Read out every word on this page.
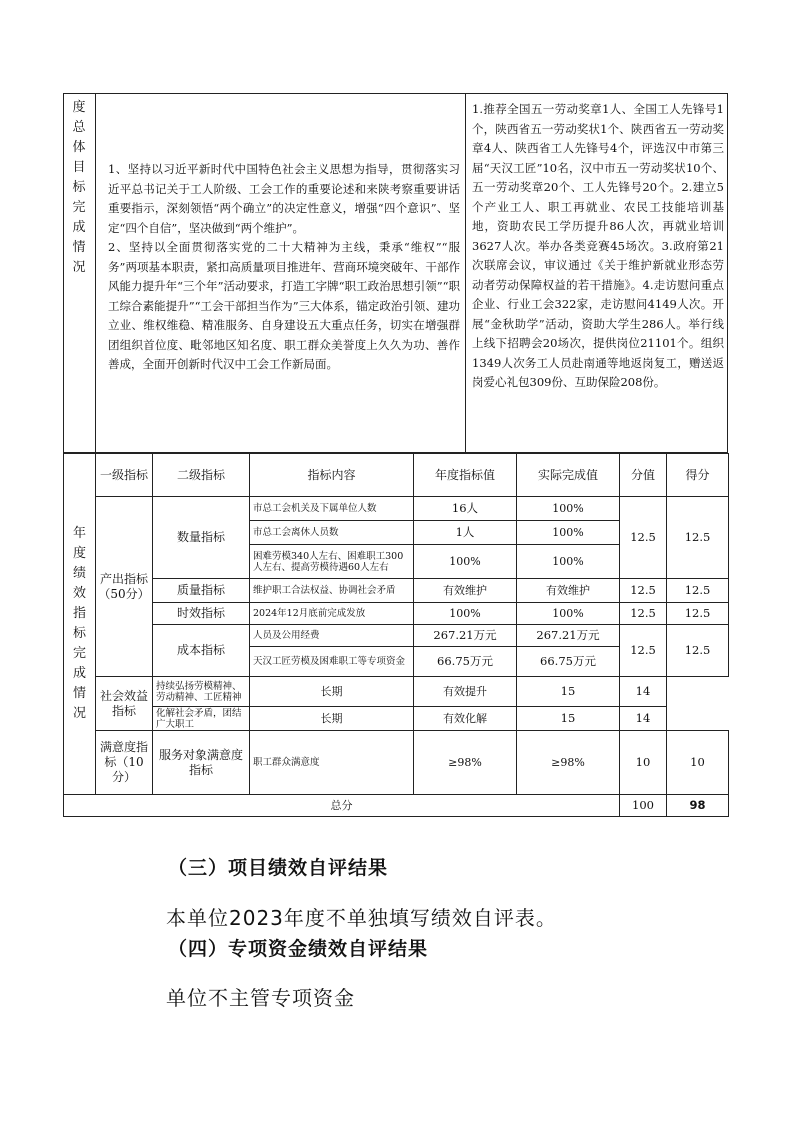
度总体目标完成情况

1、坚持以习近平新时代中国特色社会主义思想为指导，贯彻落实习近平总书记关于工人阶级、工会工作的重要论述和来陕考察重要讲话重要指示，深刻领悟“两个确立”的决定性意义，增强“四个意识”、坚定“四个自信”，坚决做到“两个维护”。

2、坚持以全面贯彻落实党的二十大精神为主线，秉承“维权”“服务”两项基本职责，紧扣高质量项目推进年、营商环境突破年、干部作风能力提升年“三个年”活动要求，打造工字牌“职工政治思想引领”“职工综合素能提升”“工会干部担当作为”三大体系，锚定政治引领、建功立业、维权维稳、精准服务、自身建设五大重点任务，切实在增强群团组织首位度、毗邻地区知名度、职工群众美誉度上久久为功、善作善成，全面开创新时代汉中工会工作新局面。

1.推荐全国五一劳动奖章1人、全国工人先锋号1个，陕西省五一劳动奖状1个、陕西省五一劳动奖章4人、陕西省工人先锋号4个，评选汉中市第三届“天汉工匠”10名，汉中市五一劳动奖状10个、五一劳动奖章20个、工人先锋号20个。2.建立5个产业工人、职工再就业、农民工技能培训基地，资助农民工学历提升86人次，再就业培训3627人次。举办各类竞赛45场次。3.政府第21次联席会议，审议通过《关于维护新就业形态劳动者劳动保障权益的若干措施》。4.走访慰问重点企业、行业工会322家，走访慰问4149人次。开展“金秋助学”活动，资助大学生286人。举行线上线下招聘会20场次，提供岗位21101个。组织1349人次务工人员赴南通等地返岗复工，赠送返岗爱心礼包309份、互助保险208份。

年度绩效指标完成情况	一级指标	二级指标	指标内容	年度指标值	实际完成值	分值	得分
	产出指标（50分）	数量指标	市总工会机关及下属单位人数	16人	100%	12.5	12.5
			市总工会离休人员数	1人	100%		
			困难劳模340人左右、困难职工300人左右、提高劳模待遇60人左右	100%	100%		
		质量指标	维护职工合法权益、协调社会矛盾	有效维护	有效维护	12.5	12.5
		时效指标	2024年12月底前完成发放	100%	100%	12.5	12.5
		成本指标	人员及公用经费	267.21万元	267.21万元	12.5	12.5
			天汉工匠劳模及困难职工等专项资金	66.75万元	66.75万元		
	社会效益指标	持续弘扬劳模精神、劳动精神、工匠精神	长期	有效提升	15	14	
		化解社会矛盾，团结广大职工	长期	有效化解	15	14	
	满意度指标（10分）	服务对象满意度指标	职工群众满意度	≥98%	≥98%	10	10
总分						100	98
（三）项目绩效自评结果
本单位2023年度不单独填写绩效自评表。
（四）专项资金绩效自评结果
单位不主管专项资金
